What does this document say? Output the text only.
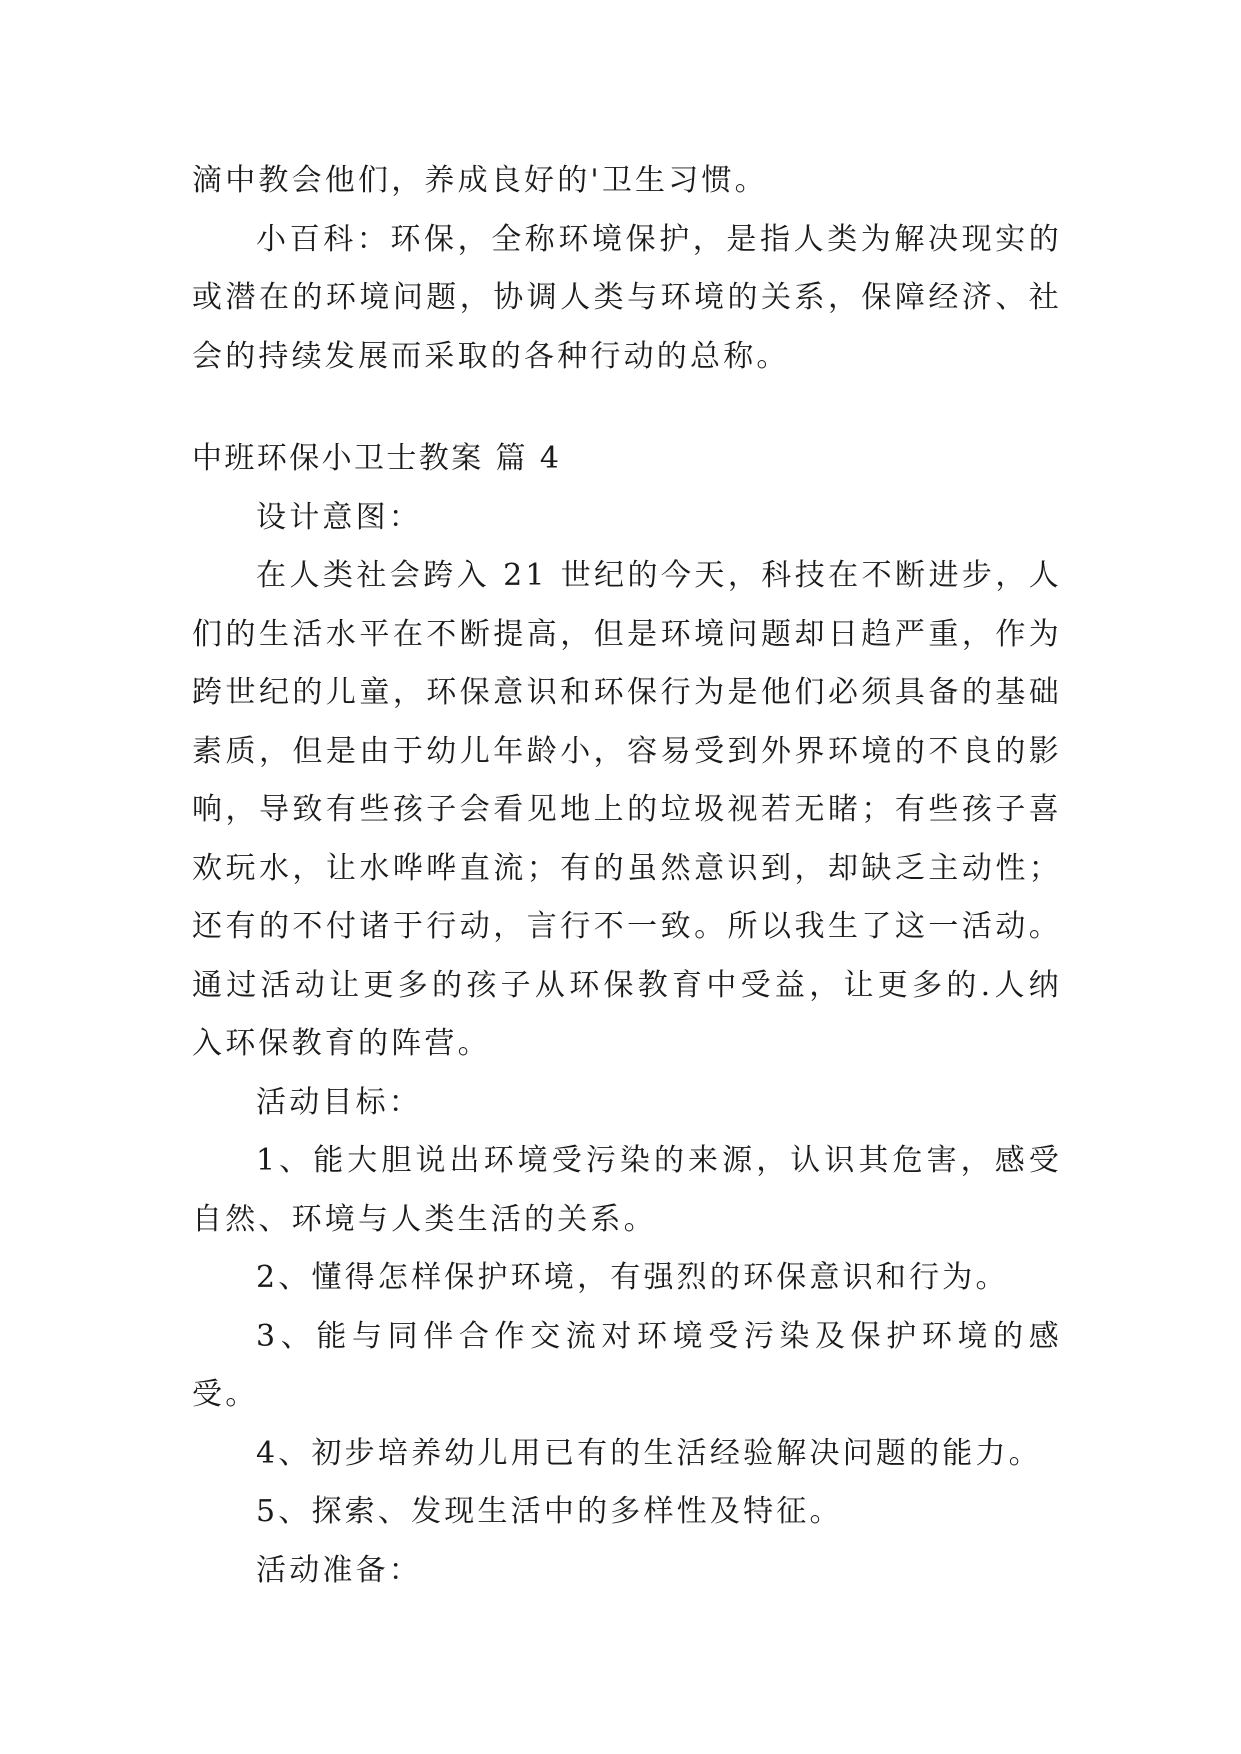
滴中教会他们，养成良好的'卫生习惯。

小百科：环保，全称环境保护，是指人类为解决现实的或潜在的环境问题，协调人类与环境的关系，保障经济、社会的持续发展而采取的各种行动的总称。

中班环保小卫士教案 篇 4

设计意图：

在人类社会跨入 21 世纪的今天，科技在不断进步，人们的生活水平在不断提高，但是环境问题却日趋严重，作为跨世纪的儿童，环保意识和环保行为是他们必须具备的基础素质，但是由于幼儿年龄小，容易受到外界环境的不良的影响，导致有些孩子会看见地上的垃圾视若无睹；有些孩子喜欢玩水，让水哗哗直流；有的虽然意识到，却缺乏主动性；还有的不付诸于行动，言行不一致。所以我生了这一活动。通过活动让更多的孩子从环保教育中受益，让更多的.人纳入环保教育的阵营。

活动目标：

1、能大胆说出环境受污染的来源，认识其危害，感受自然、环境与人类生活的关系。

2、懂得怎样保护环境，有强烈的环保意识和行为。

3、能与同伴合作交流对环境受污染及保护环境的感受。

4、初步培养幼儿用已有的生活经验解决问题的能力。

5、探索、发现生活中的多样性及特征。

活动准备：
